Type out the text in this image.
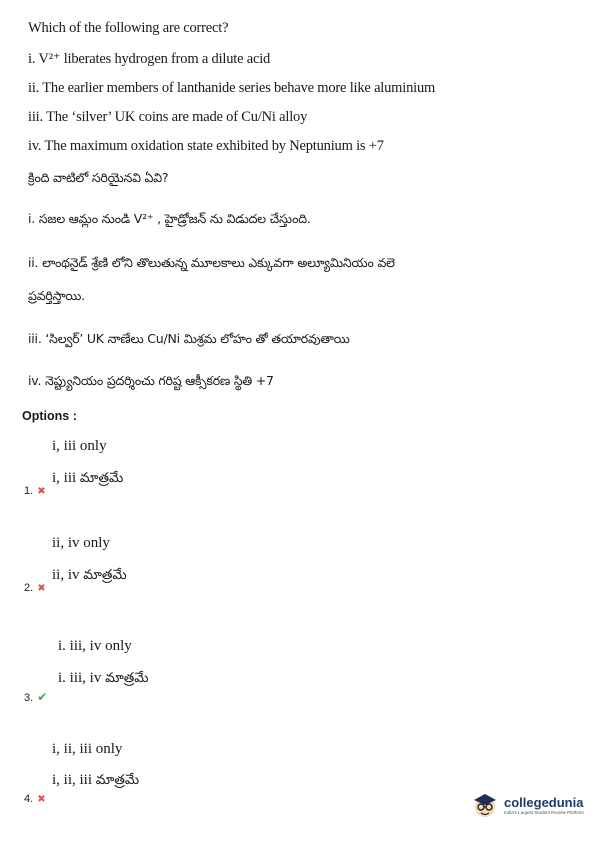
Which of the following are correct?
i. V²⁺ liberates hydrogen from a dilute acid
ii. The earlier members of lanthanide series behave more like aluminium
iii. The ‘silver’ UK coins are made of Cu/Ni alloy
iv. The maximum oxidation state exhibited by Neptunium is +7
క్రింది వాటిలో సరియైనవి ఏవి?
i. సజల ఆమ్లం నుండి V²⁺ , హైడ్రోజన్ ను విడుదల చేస్తుంది.
ii. లాంథనైడ్ శ్రేణి లోని తొలుతున్న మూలకాలు ఎక్కువగా అల్యూమినియం వలె
ప్రవర్తిస్తాయి.
iii. ‘సిల్వర్’ UK నాణేలు Cu/Ni మిశ్రమ లోహం తో తయారవుతాయి
iv. నెప్ట్యునియం ప్రదర్శించు గరిష్ట ఆక్సీకరణ స్థితి +7
Options :
i, iii only
i, iii మాత్రమే
1. ✖
ii, iv only
ii, iv మాత్రమే
2. ✖
i. iii, iv only
i. iii, iv మాత్రమే
3. ✔
i, ii, iii only
i, ii, iii మాత్రమే
4. ✖	collegedunia
India's Largest Student Review Platform
